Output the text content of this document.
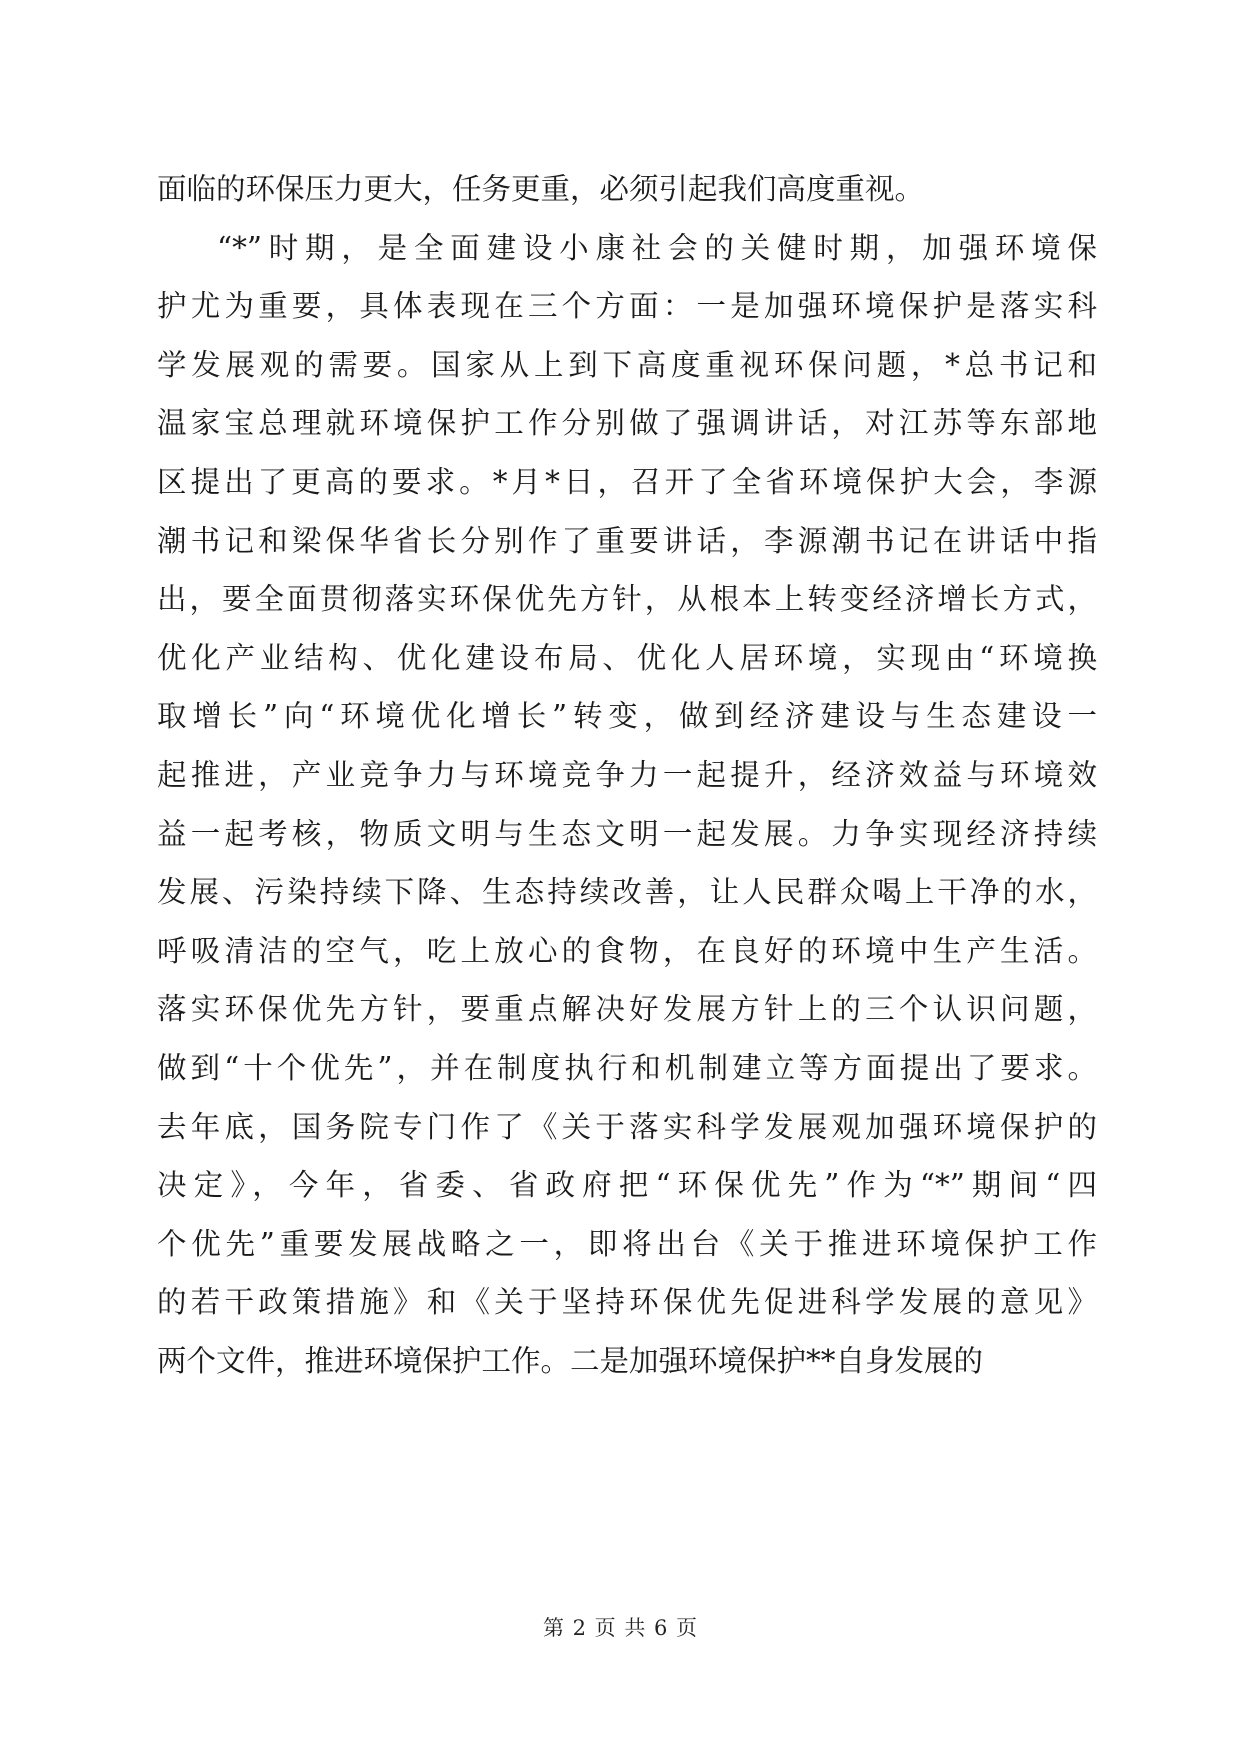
面临的环保压力更大，任务更重，必须引起我们高度重视。
“*”时期，是全面建设小康社会的关健时期，加强环境保
护尤为重要，具体表现在三个方面：一是加强环境保护是落实科
学发展观的需要。国家从上到下高度重视环保问题，*总书记和
温家宝总理就环境保护工作分别做了强调讲话，对江苏等东部地
区提出了更高的要求。*月*日，召开了全省环境保护大会，李源
潮书记和梁保华省长分别作了重要讲话，李源潮书记在讲话中指
出，要全面贯彻落实环保优先方针，从根本上转变经济增长方式，
优化产业结构、优化建设布局、优化人居环境，实现由“环境换
取增长”向“环境优化增长”转变，做到经济建设与生态建设一
起推进，产业竞争力与环境竞争力一起提升，经济效益与环境效
益一起考核，物质文明与生态文明一起发展。力争实现经济持续
发展、污染持续下降、生态持续改善，让人民群众喝上干净的水，
呼吸清洁的空气，吃上放心的食物，在良好的环境中生产生活。
落实环保优先方针，要重点解决好发展方针上的三个认识问题，
做到“十个优先”，并在制度执行和机制建立等方面提出了要求。
去年底，国务院专门作了《关于落实科学发展观加强环境保护的
决定》，今年，省委、省政府把“环保优先”作为“*”期间“四
个优先”重要发展战略之一，即将出台《关于推进环境保护工作
的若干政策措施》和《关于坚持环保优先促进科学发展的意见》
两个文件，推进环境保护工作。二是加强环境保护**自身发展的
第 2 页 共 6 页
